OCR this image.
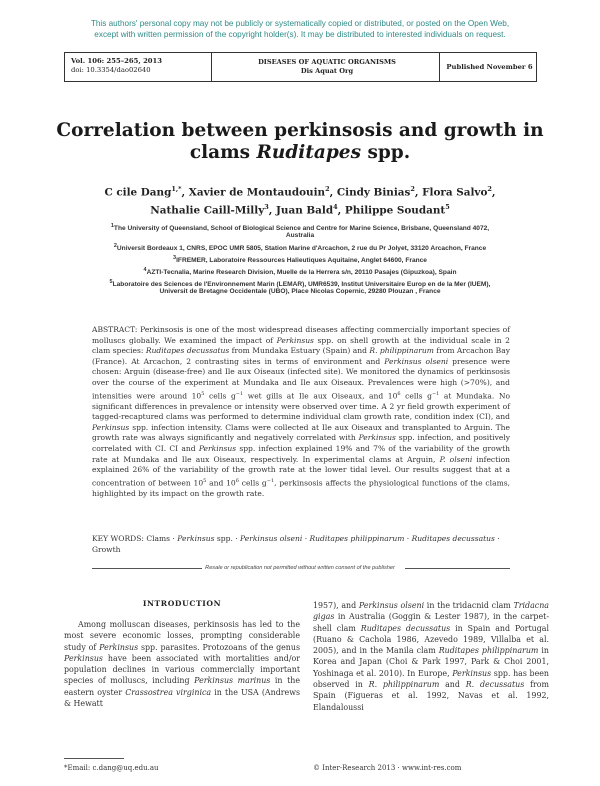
This authors' personal copy may not be publicly or systematically copied or distributed, or posted on the Open Web,
except with written permission of the copyright holder(s). It may be distributed to interested individuals on request.
Vol. 106: 255–265, 2013
doi: 10.3354/dao02640
DISEASES OF AQUATIC ORGANISMS
Dis Aquat Org	Published November 6
Correlation between perkinsosis and growth in
clams Ruditapes spp.
C cile Dang$^{1,*}$, Xavier de Montaudouin$^2$, Cindy Binias$^2$, Flora Salvo$^2$,
Nathalie Caill-Milly$^3$, Juan Bald$^4$, Philippe Soudant$^5$
$^1$The University of Queensland, School of Biological Science and Centre for Marine Science, Brisbane, Queensland 4072,
Australia
$^2$Universit Bordeaux 1, CNRS, EPOC UMR 5805, Station Marine d'Arcachon, 2 rue du Pr Jolyet, 33120 Arcachon, France
$^3$IFREMER, Laboratoire Ressources Halieutiques Aquitaine, Anglet 64600, France
$^4$AZTI-Tecnalia, Marine Research Division, Muelle de la Herrera s/n, 20110 Pasajes (Gipuzkoa), Spain
$^5$Laboratoire des Sciences de l'Environnement Marin (LEMAR), UMR6539, Institut Universitaire Europ en de la Mer (IUEM),
Universit de Bretagne Occidentale (UBO), Place Nicolas Copernic, 29280 Plouzan , France
ABSTRACT: Perkinsosis is one of the most widespread diseases affecting commercially important species of molluscs globally. We examined the impact of Perkinsus spp. on shell growth at the individual scale in 2 clam species: Ruditapes decussatus from Mundaka Estuary (Spain) and R. philippinarum from Arcachon Bay (France). At Arcachon, 2 contrasting sites in terms of environment and Perkinsus olseni presence were chosen: Arguin (disease-free) and Ile aux Oiseaux (infected site). We monitored the dynamics of perkinsosis over the course of the experiment at Mundaka and Ile aux Oiseaux. Prevalences were high (>70%), and intensities were around $10^5$ cells $g^{-1}$ wet gills at Ile aux Oiseaux, and $10^6$ cells $g^{-1}$ at Mundaka. No significant differences in prevalence or intensity were observed over time. A 2 yr field growth experiment of tagged-recaptured clams was performed to determine individual clam growth rate, condition index (CI), and Perkinsus spp. infection intensity. Clams were collected at Ile aux Oiseaux and transplanted to Arguin. The growth rate was always significantly and negatively correlated with Perkinsus spp. infection, and positively correlated with CI. CI and Perkinsus spp. infection explained 19% and 7% of the variability of the growth rate at Mundaka and Ile aux Oiseaux, respectively. In experimental clams at Arguin, P. olseni infection explained 26% of the variability of the growth rate at the lower tidal level. Our results suggest that at a concentration of between $10^5$ and $10^6$ cells $g^{-1}$, perkinsosis affects the physiological functions of the clams, highlighted by its impact on the growth rate.
KEY WORDS: Clams · Perkinsus spp. · Perkinsus olseni · Ruditapes philippinarum · Ruditapes decussatus · Growth
Resale or republication not permitted without written consent of the publisher
INTRODUCTION

Among molluscan diseases, perkinsosis has led to the most severe economic losses, prompting considerable study of Perkinsus spp. parasites. Protozoans of the genus Perkinsus have been associated with mortalities and/or population declines in various commercially important species of molluscs, including Perkinsus marinus in the eastern oyster Crassostrea virginica in the USA (Andrews & Hewatt

1957), and Perkinsus olseni in the tridacnid clam Tridacna gigas in Australia (Goggin & Lester 1987), in the carpet-shell clam Ruditapes decussatus in Spain and Portugal (Ruano & Cachola 1986, Azevedo 1989, Villalba et al. 2005), and in the Manila clam Ruditapes philippinarum in Korea and Japan (Choi & Park 1997, Park & Choi 2001, Yoshinaga et al. 2010). In Europe, Perkinsus spp. has been observed in R. philippinarum and R. decussatus from Spain (Figueras et al. 1992, Navas et al. 1992, Elandaloussi

*Email: c.dang@uq.edu.au	© Inter-Research 2013 · www.int-res.com
